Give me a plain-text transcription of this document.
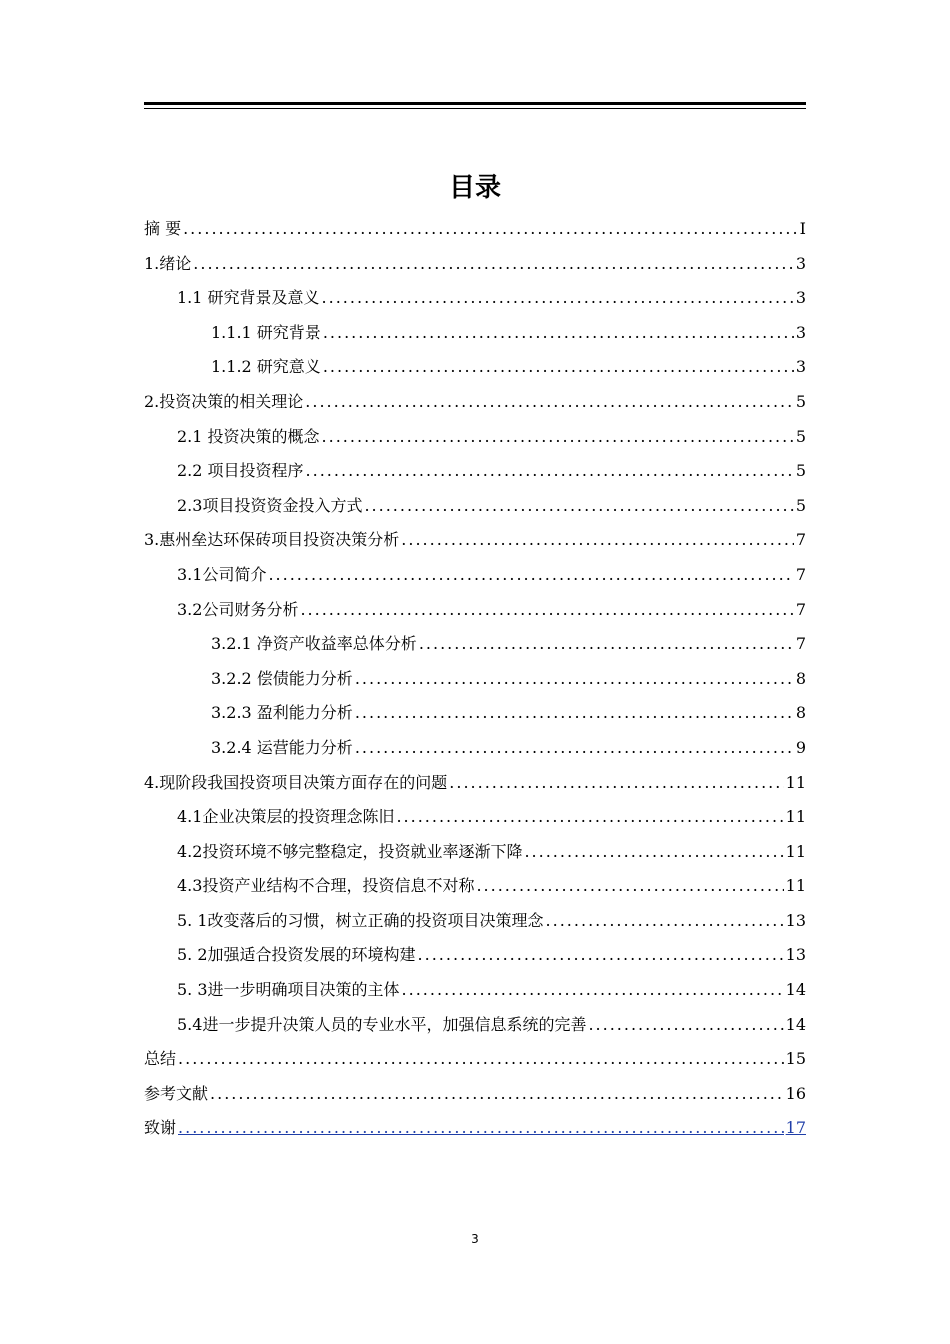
目录
摘 要 .....	I
1.绪论 .....	3
1.1 研究背景及意义 .....	3
1.1.1 研究背景 .....	3
1.1.2 研究意义 .....	3
2.投资决策的相关理论 .....	5
2.1 投资决策的概念 .....	5
2.2 项目投资程序 .....	5
2.3项目投资资金投入方式 .....	5
3.惠州垒达环保砖项目投资决策分析 .....	7
3.1公司简介 .....	7
3.2公司财务分析 .....	7
3.2.1 净资产收益率总体分析 .....	7
3.2.2 偿债能力分析 .....	8
3.2.3 盈利能力分析 .....	8
3.2.4 运营能力分析 .....	9
4.现阶段我国投资项目决策方面存在的问题 .....	11
4.1企业决策层的投资理念陈旧 .....	11
4.2投资环境不够完整稳定，投资就业率逐渐下降 .....	11
4.3投资产业结构不合理，投资信息不对称 .....	11
5. 1改变落后的习惯，树立正确的投资项目决策理念 .....	13
5. 2加强适合投资发展的环境构建 .....	13
5. 3进一步明确项目决策的主体 .....	14
5.4进一步提升决策人员的专业水平，加强信息系统的完善 .....	14
总结 .....	15
参考文献 .....	16
致谢 .....	17
3
